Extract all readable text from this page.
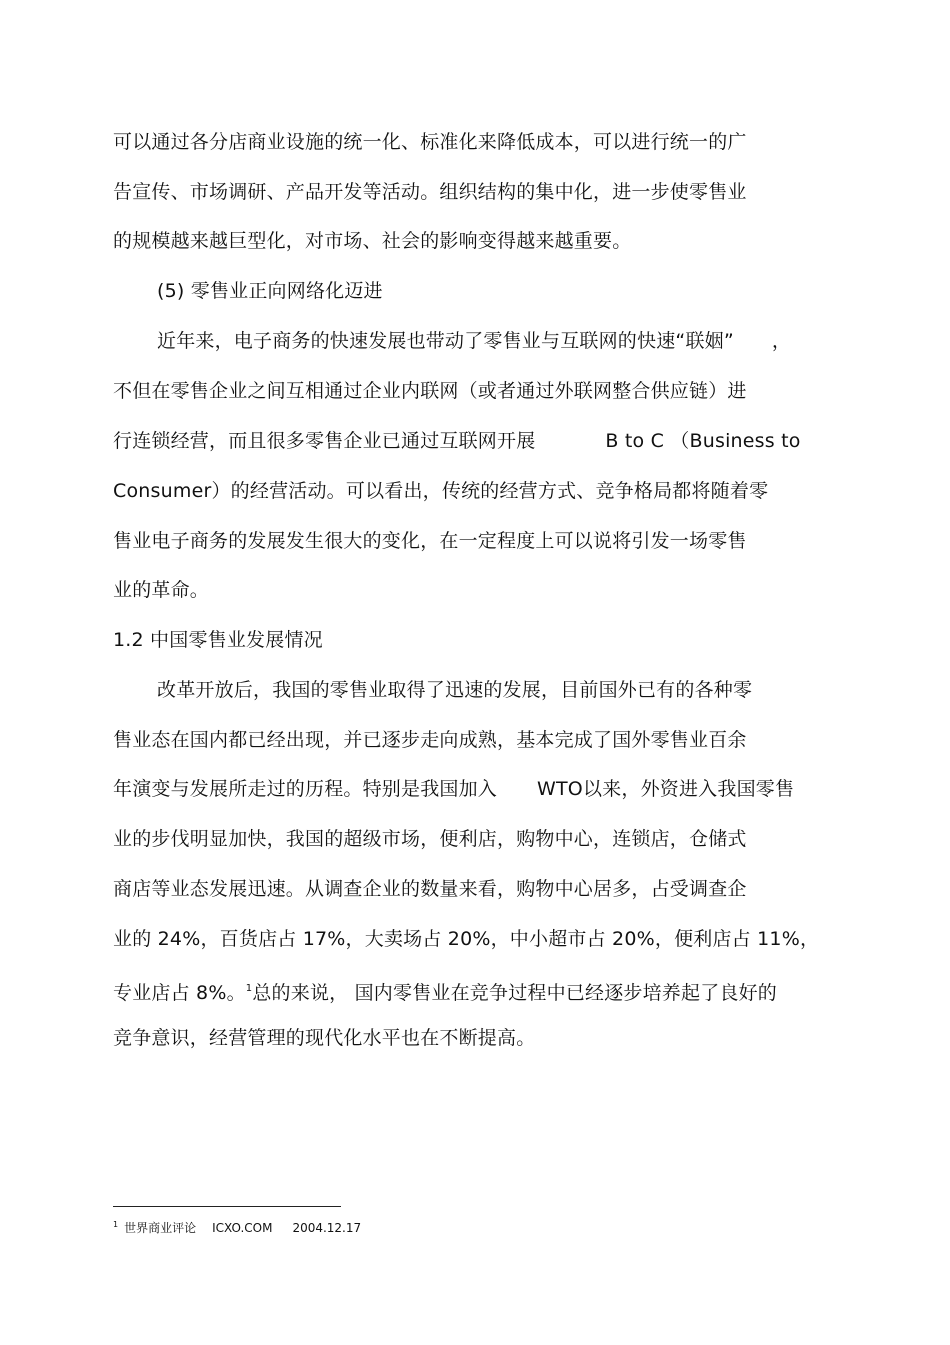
可以通过各分店商业设施的统一化、标准化来降低成本，可以进行统一的广
告宣传、市场调研、产品开发等活动。组织结构的集中化，进一步使零售业
的规模越来越巨型化，对市场、社会的影响变得越来越重要。
(5) 零售业正向网络化迈进
近年来，电子商务的快速发展也带动了零售业与互联网的快速“联姻” ，
不但在零售企业之间互相通过企业内联网（或者通过外联网整合供应链）进
行连锁经营，而且很多零售企业已通过互联网开展	B to C （Business to
Consumer）的经营活动。可以看出，传统的经营方式、竞争格局都将随着零
售业电子商务的发展发生很大的变化，在一定程度上可以说将引发一场零售
业的革命。
1.2 中国零售业发展情况
改革开放后，我国的零售业取得了迅速的发展，目前国外已有的各种零
售业态在国内都已经出现，并已逐步走向成熟，基本完成了国外零售业百余
年演变与发展所走过的历程。特别是我国加入 WTO以来，外资进入我国零售
业的步伐明显加快，我国的超级市场，便利店，购物中心，连锁店，仓储式
商店等业态发展迅速。从调查企业的数量来看，购物中心居多，占受调查企
业的 24%，百货店占 17%，大卖场占 20%，中小超市占 20%，便利店占 11%，
专业店占 8%。$^1$总的来说， 国内零售业在竞争过程中已经逐步培养起了良好的
竞争意识，经营管理的现代化水平也在不断提高。
$^1$ 世界商业评论 ICXO.COM 2004.12.17
